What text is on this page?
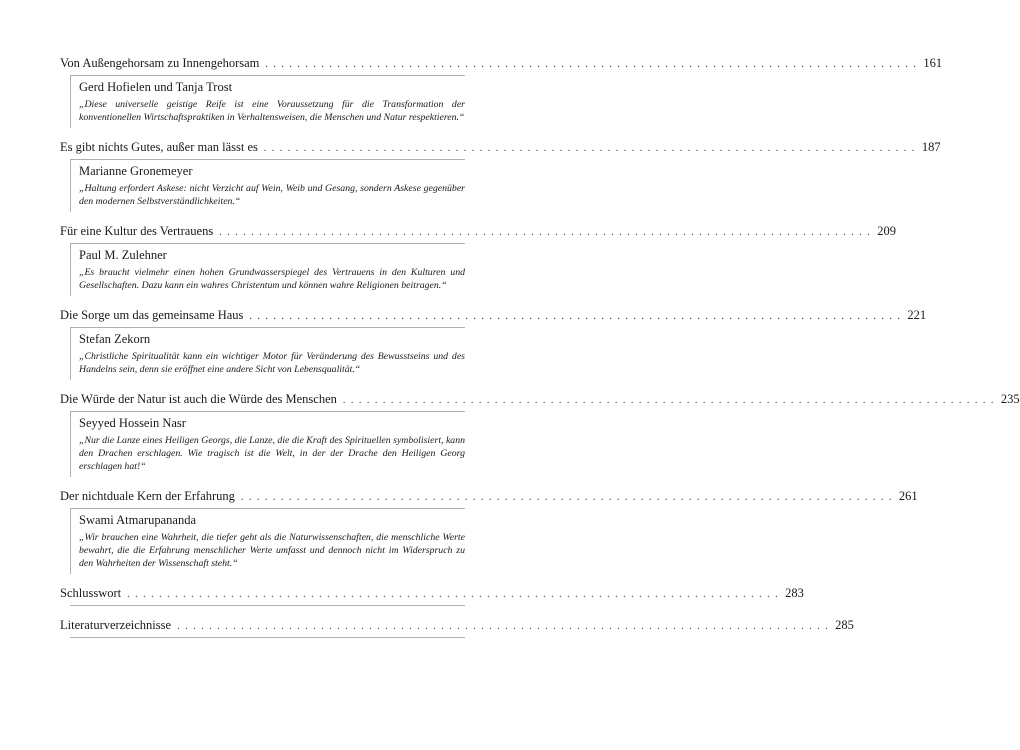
Von Außengehorsam zu Innengehorsam . . . . . . . . . . . . . . . . . . . . . . . . . . . . . . . . . . . . . . . . . . . . . . . . . . . . . . . . . . . . . . . . . . . . . . . . . . . . . . . . . . 161
Gerd Hofielen und Tanja Trost
„Diese universelle geistige Reife ist eine Voraussetzung für die Transformation der konventionellen Wirtschaftspraktiken in Verhaltensweisen, die Menschen und Natur respektieren.“
Es gibt nichts Gutes, außer man lässt es . . . . . . . . . . . . . . . . . . . . . . . . . . . . . . . . . . . . . . . . . . . . . . . . . . . . . . . . . . . . . . . . . . . . . . . . . . . . . . . . . . 187
Marianne Gronemeyer
„Haltung erfordert Askese: nicht Verzicht auf Wein, Weib und Gesang, sondern Askese gegenüber den modernen Selbstverständlichkeiten.“
Für eine Kultur des Vertrauens . . . . . . . . . . . . . . . . . . . . . . . . . . . . . . . . . . . . . . . . . . . . . . . . . . . . . . . . . . . . . . . . . . . . . . . . . . . . . . . . . . 209
Paul M. Zulehner
„Es braucht vielmehr einen hohen Grundwasserspiegel des Vertrauens in den Kulturen und Gesellschaften. Dazu kann ein wahres Christentum und können wahre Religionen beitragen.“
Die Sorge um das gemeinsame Haus . . . . . . . . . . . . . . . . . . . . . . . . . . . . . . . . . . . . . . . . . . . . . . . . . . . . . . . . . . . . . . . . . . . . . . . . . . . . . . . . . . 221
Stefan Zekorn
„Christliche Spiritualität kann ein wichtiger Motor für Veränderung des Bewusstseins und des Handelns sein, denn sie eröffnet eine andere Sicht von Lebensqualität.“
Die Würde der Natur ist auch die Würde des Menschen . . . . . . . . . . . . . . . . . . . . . . . . . . . . . . . . . . . . . . . . . . . . . . . . . . . . . . . . . . . . . . . . . . . . . . . . . . . . . . . . . . 235
Seyyed Hossein Nasr
„Nur die Lanze eines Heiligen Georgs, die Lanze, die die Kraft des Spirituellen symbolisiert, kann den Drachen erschlagen. Wie tragisch ist die Welt, in der der Drache den Heiligen Georg erschlagen hat!“
Der nichtduale Kern der Erfahrung . . . . . . . . . . . . . . . . . . . . . . . . . . . . . . . . . . . . . . . . . . . . . . . . . . . . . . . . . . . . . . . . . . . . . . . . . . . . . . . . . . 261
Swami Atmarupananda
„Wir brauchen eine Wahrheit, die tiefer geht als die Naturwissenschaften, die menschliche Werte bewahrt, die die Erfahrung menschlicher Werte umfasst und dennoch nicht im Widerspruch zu den Wahrheiten der Wissenschaft steht.“
Schlusswort . . . . . . . . . . . . . . . . . . . . . . . . . . . . . . . . . . . . . . . . . . . . . . . . . . . . . . . . . . . . . . . . . . . . . . . . . . . . . . . . . . 283
Literaturverzeichnisse . . . . . . . . . . . . . . . . . . . . . . . . . . . . . . . . . . . . . . . . . . . . . . . . . . . . . . . . . . . . . . . . . . . . . . . . . . . . . . . . . . 285
